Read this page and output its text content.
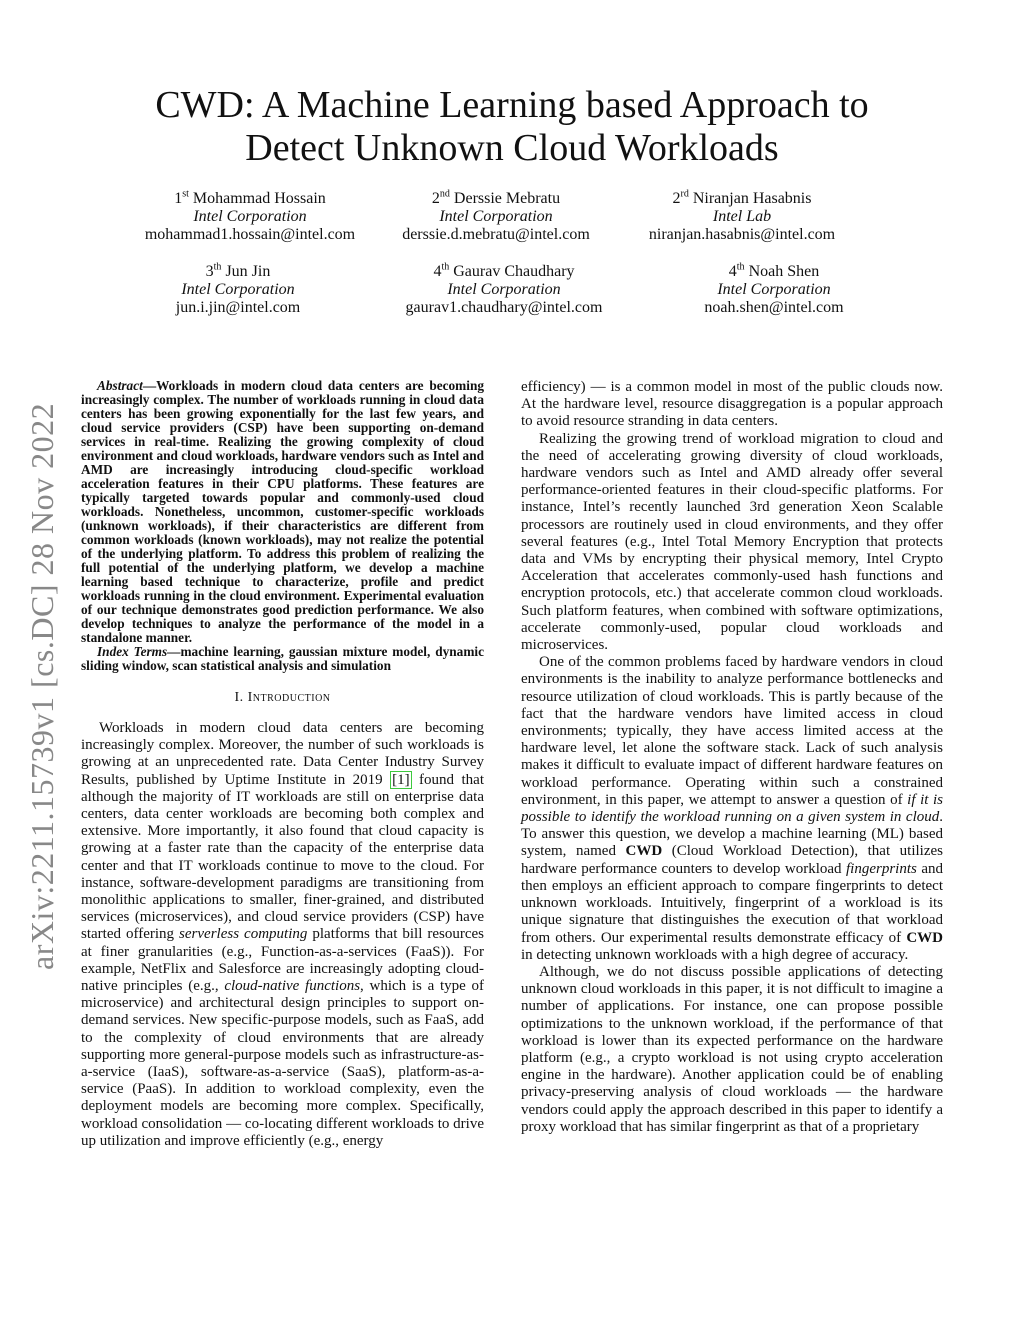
CWD: A Machine Learning based Approach to
Detect Unknown Cloud Workloads
1st Mohammad Hossain
Intel Corporation
mohammad1.hossain@intel.com
2nd Derssie Mebratu
Intel Corporation
derssie.d.mebratu@intel.com
2rd Niranjan Hasabnis
Intel Lab
niranjan.hasabnis@intel.com
3th Jun Jin
Intel Corporation
jun.i.jin@intel.com
4th Gaurav Chaudhary
Intel Corporation
gaurav1.chaudhary@intel.com
4th Noah Shen
Intel Corporation
noah.shen@intel.com
arXiv:2211.15739v1 [cs.DC] 28 Nov 2022

Abstract—Workloads in modern cloud data centers are becoming increasingly complex. The number of workloads running in cloud data centers has been growing exponentially for the last few years, and cloud service providers (CSP) have been supporting on-demand services in real-time. Realizing the growing complexity of cloud environment and cloud workloads, hardware vendors such as Intel and AMD are increasingly introducing cloud-specific workload acceleration features in their CPU platforms. These features are typically targeted towards popular and commonly-used cloud workloads. Nonetheless, uncommon, customer-specific workloads (unknown workloads), if their characteristics are different from common workloads (known workloads), may not realize the potential of the underlying platform. To address this problem of realizing the full potential of the underlying platform, we develop a machine learning based technique to characterize, profile and predict workloads running in the cloud environment. Experimental evaluation of our technique demonstrates good prediction performance. We also develop techniques to analyze the performance of the model in a standalone manner.

Index Terms—machine learning, gaussian mixture model, dynamic sliding window, scan statistical analysis and simulation

I. Introduction

Workloads in modern cloud data centers are becoming increasingly complex. Moreover, the number of such workloads is growing at an unprecedented rate. Data Center Industry Survey Results, published by Uptime Institute in 2019 [1] found that although the majority of IT workloads are still on enterprise data centers, data center workloads are becoming both complex and extensive. More importantly, it also found that cloud capacity is growing at a faster rate than the capacity of the enterprise data center and that IT workloads continue to move to the cloud. For instance, software-development paradigms are transitioning from monolithic applications to smaller, finer-grained, and distributed services (microservices), and cloud service providers (CSP) have started offering serverless computing platforms that bill resources at finer granularities (e.g., Function-as-a-services (FaaS)). For example, NetFlix and Salesforce are increasingly adopting cloud-native principles (e.g., cloud-native functions, which is a type of microservice) and architectural design principles to support on-demand services. New specific-purpose models, such as FaaS, add to the complexity of cloud environments that are already supporting more general-purpose models such as infrastructure-as-a-service (IaaS), software-as-a-service (SaaS), platform-as-a-service (PaaS). In addition to workload complexity, even the deployment models are becoming more complex. Specifically, workload consolidation — co-locating different workloads to drive up utilization and improve efficiently (e.g., energy

efficiency) — is a common model in most of the public clouds now. At the hardware level, resource disaggregation is a popular approach to avoid resource stranding in data centers.

Realizing the growing trend of workload migration to cloud and the need of accelerating growing diversity of cloud workloads, hardware vendors such as Intel and AMD already offer several performance-oriented features in their cloud-specific platforms. For instance, Intel’s recently launched 3rd generation Xeon Scalable processors are routinely used in cloud environments, and they offer several features (e.g., Intel Total Memory Encryption that protects data and VMs by encrypting their physical memory, Intel Crypto Acceleration that accelerates commonly-used hash functions and encryption protocols, etc.) that accelerate common cloud workloads. Such platform features, when combined with software optimizations, accelerate commonly-used, popular cloud workloads and microservices.

One of the common problems faced by hardware vendors in cloud environments is the inability to analyze performance bottlenecks and resource utilization of cloud workloads. This is partly because of the fact that the hardware vendors have limited access in cloud environments; typically, they have access limited access at the hardware level, let alone the software stack. Lack of such analysis makes it difficult to evaluate impact of different hardware features on workload performance. Operating within such a constrained environment, in this paper, we attempt to answer a question of if it is possible to identify the workload running on a given system in cloud. To answer this question, we develop a machine learning (ML) based system, named CWD (Cloud Workload Detection), that utilizes hardware performance counters to develop workload fingerprints and then employs an efficient approach to compare fingerprints to detect unknown workloads. Intuitively, fingerprint of a workload is its unique signature that distinguishes the execution of that workload from others. Our experimental results demonstrate efficacy of CWD in detecting unknown workloads with a high degree of accuracy.

Although, we do not discuss possible applications of detecting unknown cloud workloads in this paper, it is not difficult to imagine a number of applications. For instance, one can propose possible optimizations to the unknown workload, if the performance of that workload is lower than its expected performance on the hardware platform (e.g., a crypto workload is not using crypto acceleration engine in the hardware). Another application could be of enabling privacy-preserving analysis of cloud workloads — the hardware vendors could apply the approach described in this paper to identify a proxy workload that has similar fingerprint as that of a proprietary
